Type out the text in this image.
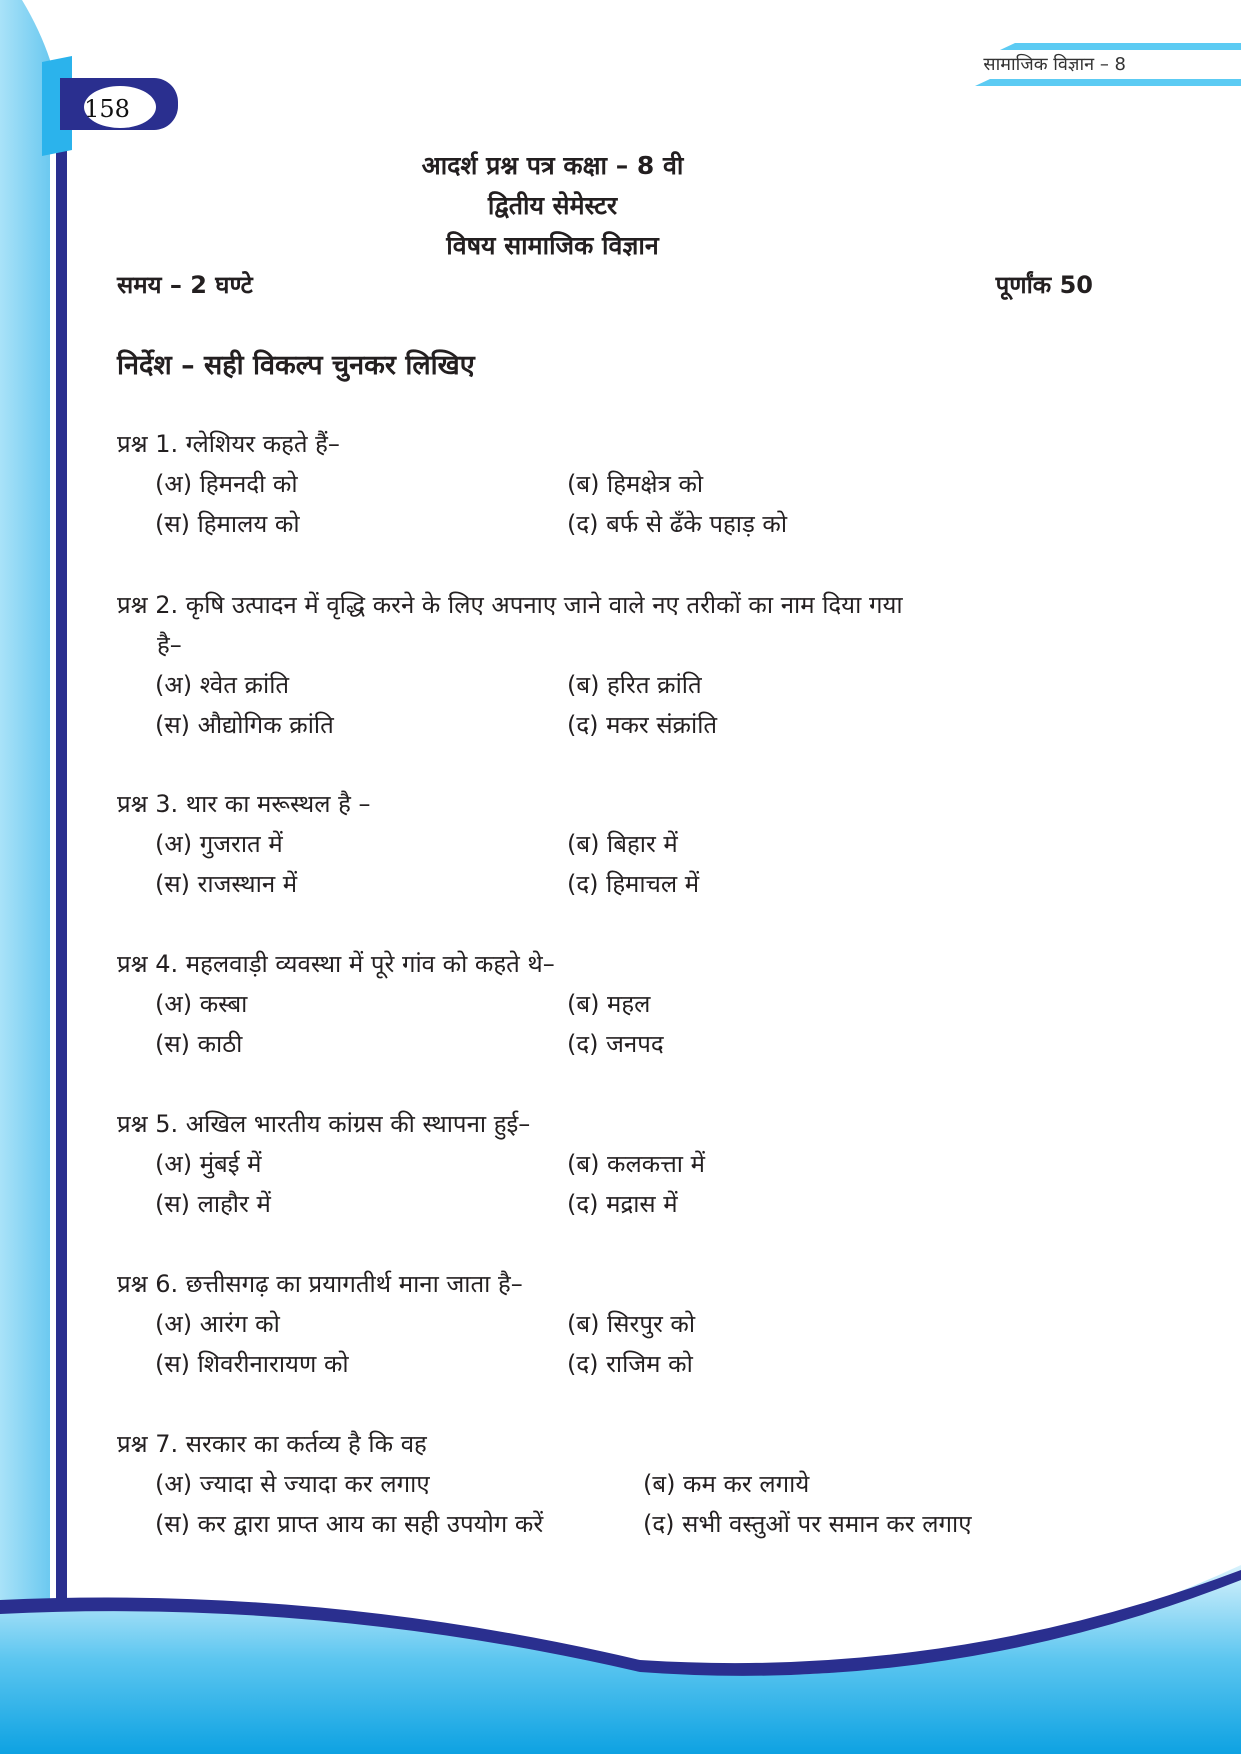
158
सामाजिक विज्ञान – 8
आदर्श प्रश्न पत्र कक्षा – 8 वी
द्वितीय सेमेस्टर
विषय सामाजिक विज्ञान
समय – 2 घण्टे	पूर्णांक 50
निर्देश – सही विकल्प चुनकर लिखिए

प्रश्न 1. ग्लेशियर कहते हैं–

(अ) हिमनदी को	(ब) हिमक्षेत्र को
(स) हिमालय को	(द) बर्फ से ढँके पहाड़ को

प्रश्न 2. कृषि उत्पादन में वृद्धि करने के लिए अपनाए जाने वाले नए तरीकों का नाम दिया गया

है–

(अ) श्वेत क्रांति	(ब) हरित क्रांति
(स) औद्योगिक क्रांति	(द) मकर संक्रांति

प्रश्न 3. थार का मरूस्थल है –

(अ) गुजरात में	(ब) बिहार में
(स) राजस्थान में	(द) हिमाचल में

प्रश्न 4. महलवाड़ी व्यवस्था में पूरे गांव को कहते थे–

(अ) कस्बा	(ब) महल
(स) काठी	(द) जनपद

प्रश्न 5. अखिल भारतीय कांग्रस की स्थापना हुई–

(अ) मुंबई में	(ब) कलकत्ता में
(स) लाहौर में	(द) मद्रास में

प्रश्न 6. छत्तीसगढ़ का प्रयागतीर्थ माना जाता है–

(अ) आरंग को	(ब) सिरपुर को
(स) शिवरीनारायण को	(द) राजिम को

प्रश्न 7. सरकार का कर्तव्य है कि वह

(अ) ज्यादा से ज्यादा कर लगाए	(ब) कम कर लगाये
(स) कर द्वारा प्राप्त आय का सही उपयोग करें	(द) सभी वस्तुओं पर समान कर लगाए
